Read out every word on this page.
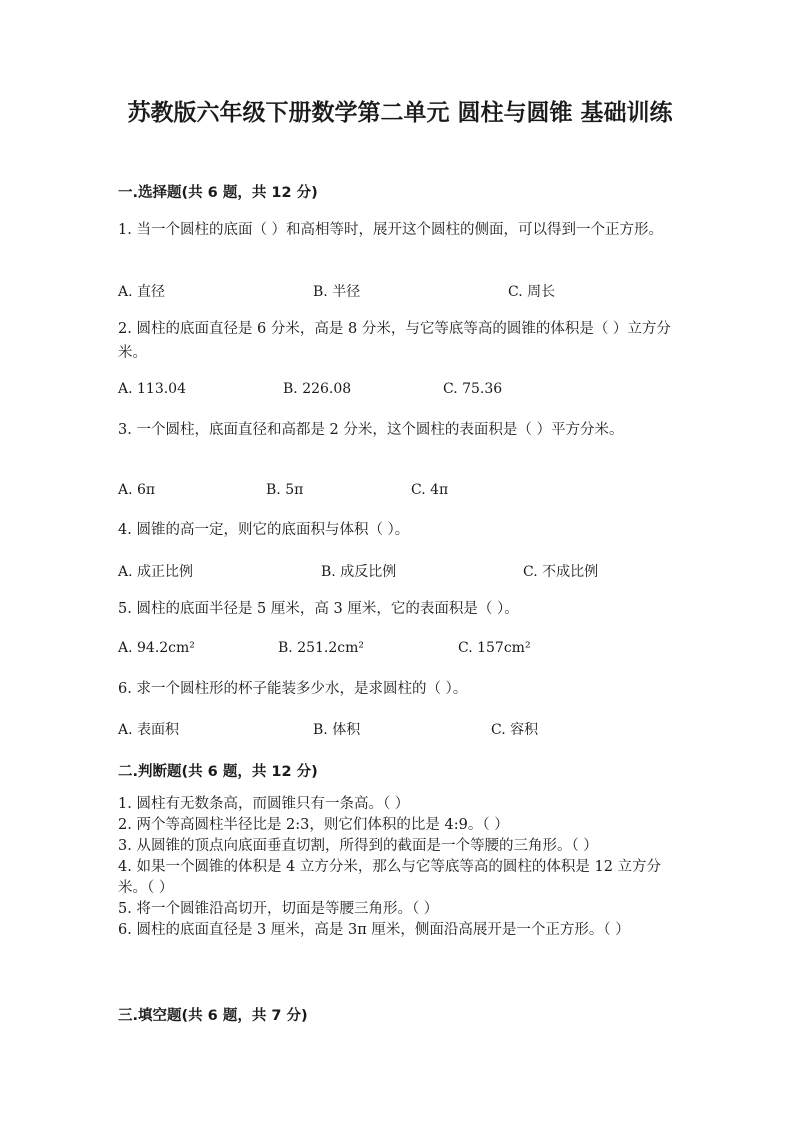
苏教版六年级下册数学第二单元 圆柱与圆锥 基础训练
一.选择题(共 6 题，共 12 分)
1. 当一个圆柱的底面（ ）和高相等时，展开这个圆柱的侧面，可以得到一个正方形。
A. 直径	B. 半径	C. 周长
2. 圆柱的底面直径是 6 分米，高是 8 分米，与它等底等高的圆锥的体积是（ ）立方分米。
A. 113.04	B. 226.08	C. 75.36
3. 一个圆柱，底面直径和高都是 2 分米，这个圆柱的表面积是（ ）平方分米。
A. 6π	B. 5π	C. 4π
4. 圆锥的高一定，则它的底面积与体积（ ）。
A. 成正比例	B. 成反比例	C. 不成比例
5. 圆柱的底面半径是 5 厘米，高 3 厘米，它的表面积是（ ）。
A. 94.2cm²	B. 251.2cm²	C. 157cm²
6. 求一个圆柱形的杯子能装多少水，是求圆柱的（ ）。
A. 表面积	B. 体积	C. 容积
二.判断题(共 6 题，共 12 分)
1. 圆柱有无数条高，而圆锥只有一条高。（ ）
2. 两个等高圆柱半径比是 2:3，则它们体积的比是 4:9。（ ）
3. 从圆锥的顶点向底面垂直切割，所得到的截面是一个等腰的三角形。（ ）
4. 如果一个圆锥的体积是 4 立方分米，那么与它等底等高的圆柱的体积是 12 立方分米。（ ）
5. 将一个圆锥沿高切开，切面是等腰三角形。（ ）
6. 圆柱的底面直径是 3 厘米，高是 3π 厘米，侧面沿高展开是一个正方形。（ ）
三.填空题(共 6 题，共 7 分)
